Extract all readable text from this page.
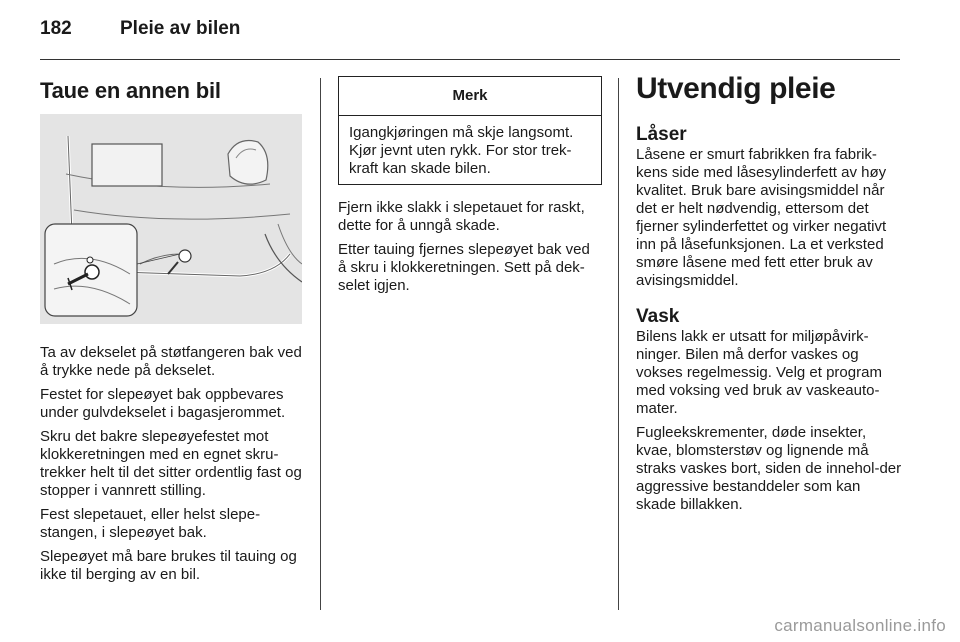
182	Pleie av bilen
Taue en annen bil

Ta av dekselet på støtfangeren bak ved å trykke nede på dekselet.

Festet for slepeøyet bak oppbevares under gulvdekselet i bagasjerommet.

Skru det bakre slepeøyefestet mot klokkeretningen med en egnet skru-trekker helt til det sitter ordentlig fast og stopper i vannrett stilling.

Fest slepetauet, eller helst slepe-stangen, i slepeøyet bak.

Slepeøyet må bare brukes til tauing og ikke til berging av en bil.

Merk
Igangkjøringen må skje langsomt. Kjør jevnt uten rykk. For stor trek-kraft kan skade bilen.

Fjern ikke slakk i slepetauet for raskt, dette for å unngå skade.

Etter tauing fjernes slepeøyet bak ved å skru i klokkeretningen. Sett på dek-selet igjen.

Utvendig pleie
Låser

Låsene er smurt fabrikken fra fabrik-kens side med låsesylinderfett av høy kvalitet. Bruk bare avisingsmiddel når det er helt nødvendig, ettersom det fjerner sylinderfettet og virker negativt inn på låsefunksjonen. La et verksted smøre låsene med fett etter bruk av avisingsmiddel.

Vask

Bilens lakk er utsatt for miljøpåvirk-ninger. Bilen må derfor vaskes og vokses regelmessig. Velg et program med voksing ved bruk av vaskeauto-mater.

Fugleekskrementer, døde insekter, kvae, blomsterstøv og lignende må straks vaskes bort, siden de innehol-der aggressive bestanddeler som kan skade billakken.

carmanualsonline.info
